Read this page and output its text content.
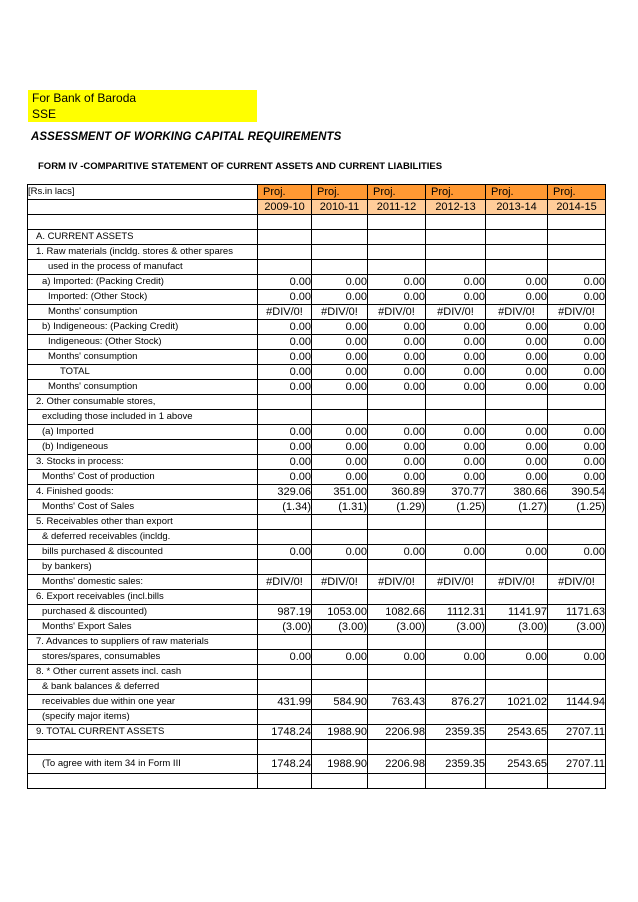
For Bank of Baroda
SSE
ASSESSMENT OF WORKING CAPITAL REQUIREMENTS
FORM IV -COMPARITIVE STATEMENT OF CURRENT ASSETS AND CURRENT LIABILITIES
[Rs.in lacs]	Proj.	Proj.	Proj.	Proj.	Proj.	Proj.
	2009-10	2010-11	2011-12	2012-13	2013-14	2014-15

A. CURRENT ASSETS						
1. Raw materials (incldg. stores & other spares						
used in the process of manufact						
a) Imported: (Packing Credit)	0.00	0.00	0.00	0.00	0.00	0.00
Imported: (Other Stock)	0.00	0.00	0.00	0.00	0.00	0.00
Months' consumption	#DIV/0!	#DIV/0!	#DIV/0!	#DIV/0!	#DIV/0!	#DIV/0!
b) Indigeneous: (Packing Credit)	0.00	0.00	0.00	0.00	0.00	0.00
Indigeneous: (Other Stock)	0.00	0.00	0.00	0.00	0.00	0.00
Months' consumption	0.00	0.00	0.00	0.00	0.00	0.00
TOTAL	0.00	0.00	0.00	0.00	0.00	0.00
Months' consumption	0.00	0.00	0.00	0.00	0.00	0.00
2. Other consumable stores,						
excluding those included in 1 above						
(a) Imported	0.00	0.00	0.00	0.00	0.00	0.00
(b) Indigeneous	0.00	0.00	0.00	0.00	0.00	0.00
3. Stocks in process:	0.00	0.00	0.00	0.00	0.00	0.00
Months' Cost of production	0.00	0.00	0.00	0.00	0.00	0.00
4. Finished goods:	329.06	351.00	360.89	370.77	380.66	390.54
Months' Cost of Sales	(1.34)	(1.31)	(1.29)	(1.25)	(1.27)	(1.25)
5. Receivables other than export						
& deferred receivables (incldg.						
bills purchased & discounted	0.00	0.00	0.00	0.00	0.00	0.00
by bankers)						
Months' domestic sales:	#DIV/0!	#DIV/0!	#DIV/0!	#DIV/0!	#DIV/0!	#DIV/0!
6. Export receivables (incl.bills						
purchased & discounted)	987.19	1053.00	1082.66	1112.31	1141.97	1171.63
Months' Export Sales	(3.00)	(3.00)	(3.00)	(3.00)	(3.00)	(3.00)
7. Advances to suppliers of raw materials						
stores/spares, consumables	0.00	0.00	0.00	0.00	0.00	0.00
8. * Other current assets incl. cash						
& bank balances & deferred						
receivables due within one year	431.99	584.90	763.43	876.27	1021.02	1144.94
(specify major items)						
9. TOTAL CURRENT ASSETS	1748.24	1988.90	2206.98	2359.35	2543.65	2707.11

(To agree with item 34 in Form III	1748.24	1988.90	2206.98	2359.35	2543.65	2707.11
